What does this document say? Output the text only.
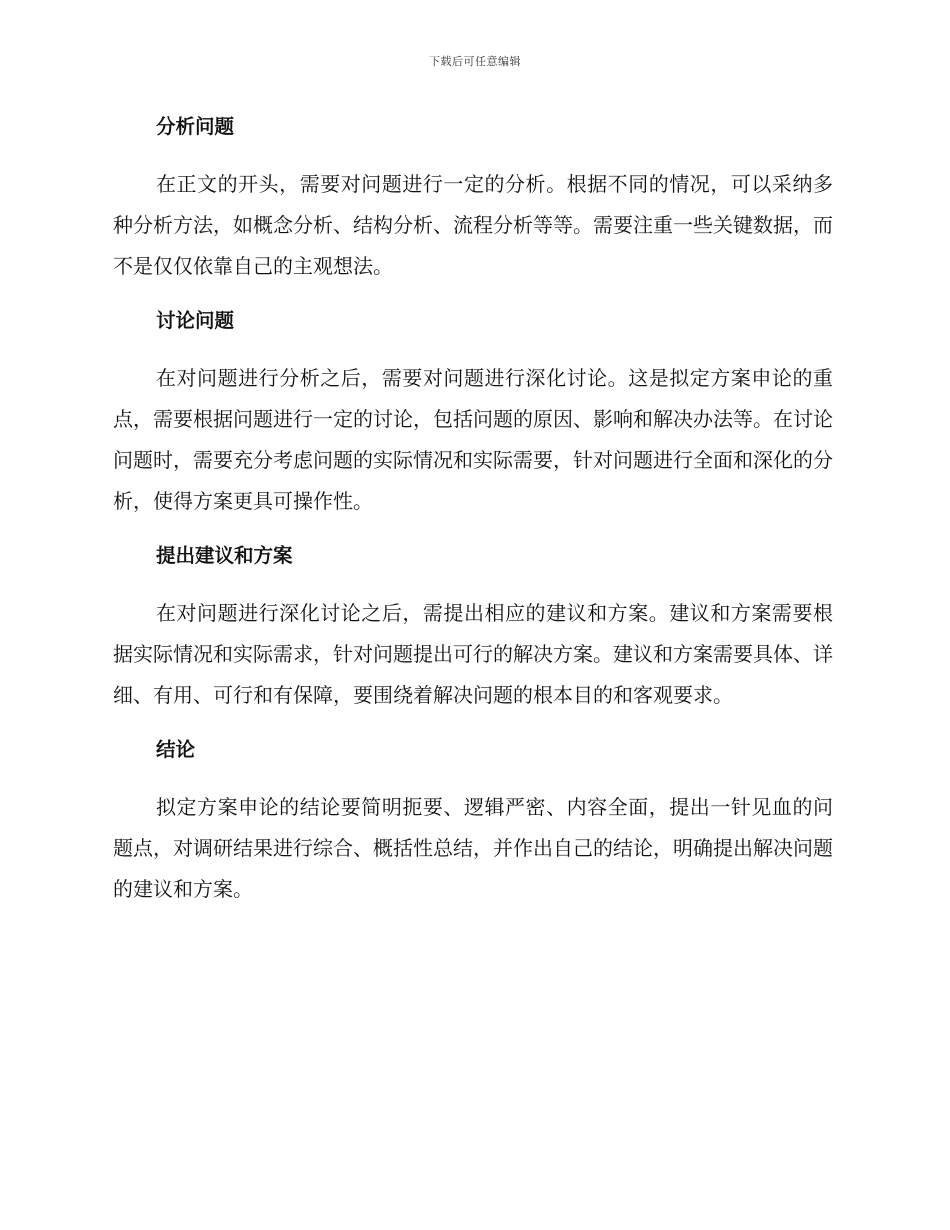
下载后可任意编辑
分析问题

在正文的开头，需要对问题进行一定的分析。根据不同的情况，可以采纳多种分析方法，如概念分析、结构分析、流程分析等等。需要注重一些关键数据，而不是仅仅依靠自己的主观想法。

讨论问题

在对问题进行分析之后，需要对问题进行深化讨论。这是拟定方案申论的重点，需要根据问题进行一定的讨论，包括问题的原因、影响和解决办法等。在讨论问题时，需要充分考虑问题的实际情况和实际需要，针对问题进行全面和深化的分析，使得方案更具可操作性。

提出建议和方案

在对问题进行深化讨论之后，需提出相应的建议和方案。建议和方案需要根据实际情况和实际需求，针对问题提出可行的解决方案。建议和方案需要具体、详细、有用、可行和有保障，要围绕着解决问题的根本目的和客观要求。

结论

拟定方案申论的结论要简明扼要、逻辑严密、内容全面，提出一针见血的问题点，对调研结果进行综合、概括性总结，并作出自己的结论，明确提出解决问题的建议和方案。
